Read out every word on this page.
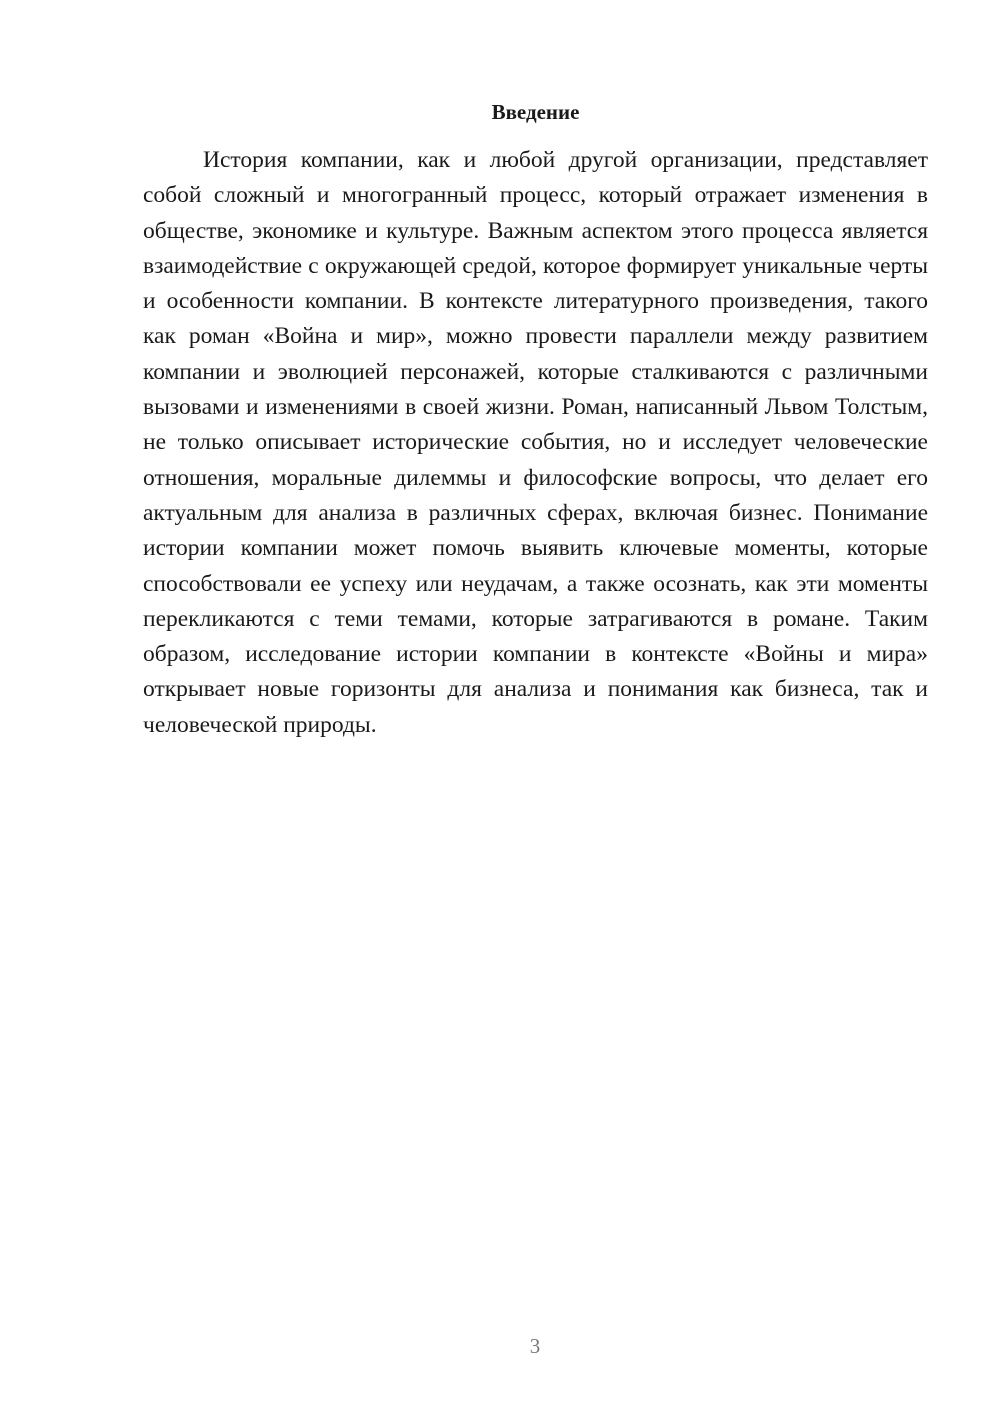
Введение

История компании, как и любой другой организации, представляет собой сложный и многогранный процесс, который отражает изменения в обществе, экономике и культуре. Важным аспектом этого процесса является взаимодействие с окружающей средой, которое формирует уникальные черты и особенности компании. В контексте литературного произведения, такого как роман «Война и мир», можно провести параллели между развитием компании и эволюцией персонажей, которые сталкиваются с различными вызовами и изменениями в своей жизни. Роман, написанный Львом Толстым, не только описывает исторические события, но и исследует человеческие отношения, моральные дилеммы и философские вопросы, что делает его актуальным для анализа в различных сферах, включая бизнес. Понимание истории компании может помочь выявить ключевые моменты, которые способствовали ее успеху или неудачам, а также осознать, как эти моменты перекликаются с теми темами, которые затрагиваются в романе. Таким образом, исследование истории компании в контексте «Войны и мира» открывает новые горизонты для анализа и понимания как бизнеса, так и человеческой природы.

3
